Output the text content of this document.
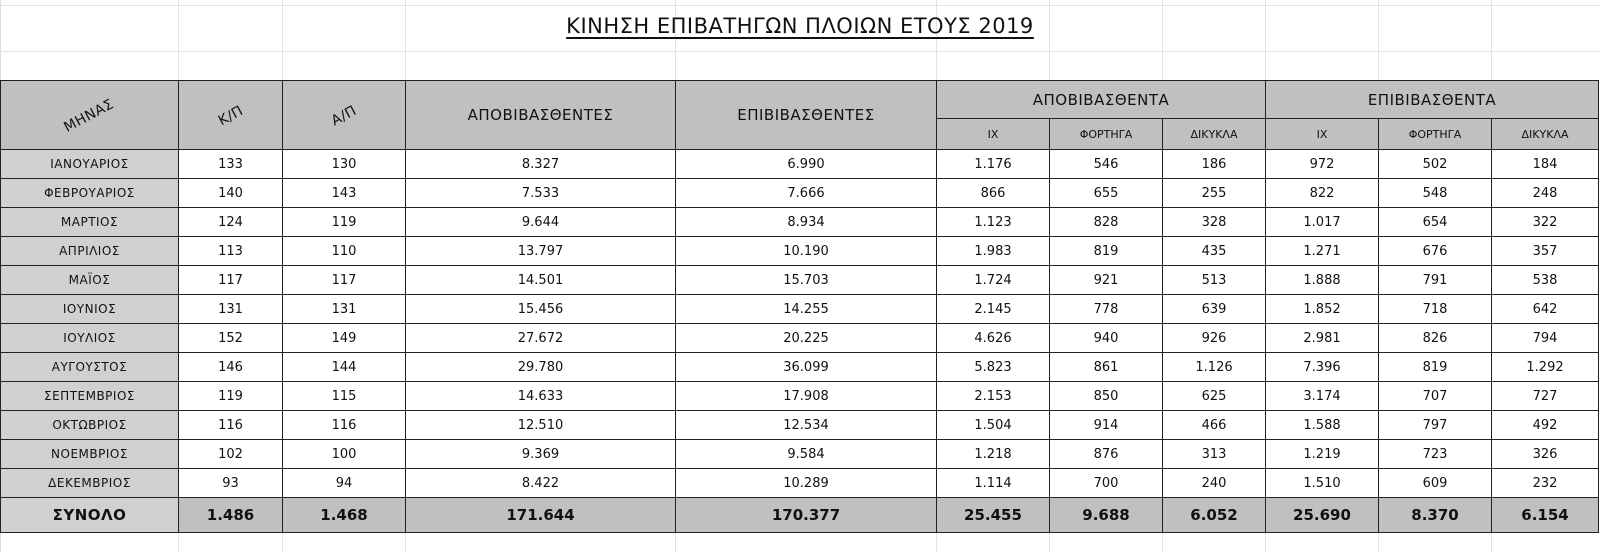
ΚΙΝΗΣΗ ΕΠΙΒΑΤΗΓΩΝ ΠΛΟΙΩΝ ΕΤΟΥΣ 2019
ΜΗΝΑΣ	Κ/Π	Α/Π	ΑΠΟΒΙΒΑΣΘΕΝΤΕΣ	ΕΠΙΒΙΒΑΣΘΕΝΤΕΣ	ΑΠΟΒΙΒΑΣΘΕΝΤΑ			ΕΠΙΒΙΒΑΣΘΕΝΤΑ		
					ΙΧ	ΦΟΡΤΗΓΑ	ΔΙΚΥΚΛΑ	ΙΧ	ΦΟΡΤΗΓΑ	ΔΙΚΥΚΛΑ
ΙΑΝΟΥΑΡΙΟΣ	133	130	8.327	6.990	1.176	546	186	972	502	184
ΦΕΒΡΟΥΑΡΙΟΣ	140	143	7.533	7.666	866	655	255	822	548	248
ΜΑΡΤΙΟΣ	124	119	9.644	8.934	1.123	828	328	1.017	654	322
ΑΠΡΙΛΙΟΣ	113	110	13.797	10.190	1.983	819	435	1.271	676	357
ΜΑΪΟΣ	117	117	14.501	15.703	1.724	921	513	1.888	791	538
ΙΟΥΝΙΟΣ	131	131	15.456	14.255	2.145	778	639	1.852	718	642
ΙΟΥΛΙΟΣ	152	149	27.672	20.225	4.626	940	926	2.981	826	794
ΑΥΓΟΥΣΤΟΣ	146	144	29.780	36.099	5.823	861	1.126	7.396	819	1.292
ΣΕΠΤΕΜΒΡΙΟΣ	119	115	14.633	17.908	2.153	850	625	3.174	707	727
ΟΚΤΩΒΡΙΟΣ	116	116	12.510	12.534	1.504	914	466	1.588	797	492
ΝΟΕΜΒΡΙΟΣ	102	100	9.369	9.584	1.218	876	313	1.219	723	326
ΔΕΚΕΜΒΡΙΟΣ	93	94	8.422	10.289	1.114	700	240	1.510	609	232
ΣΥΝΟΛΟ	1.486	1.468	171.644	170.377	25.455	9.688	6.052	25.690	8.370	6.154
